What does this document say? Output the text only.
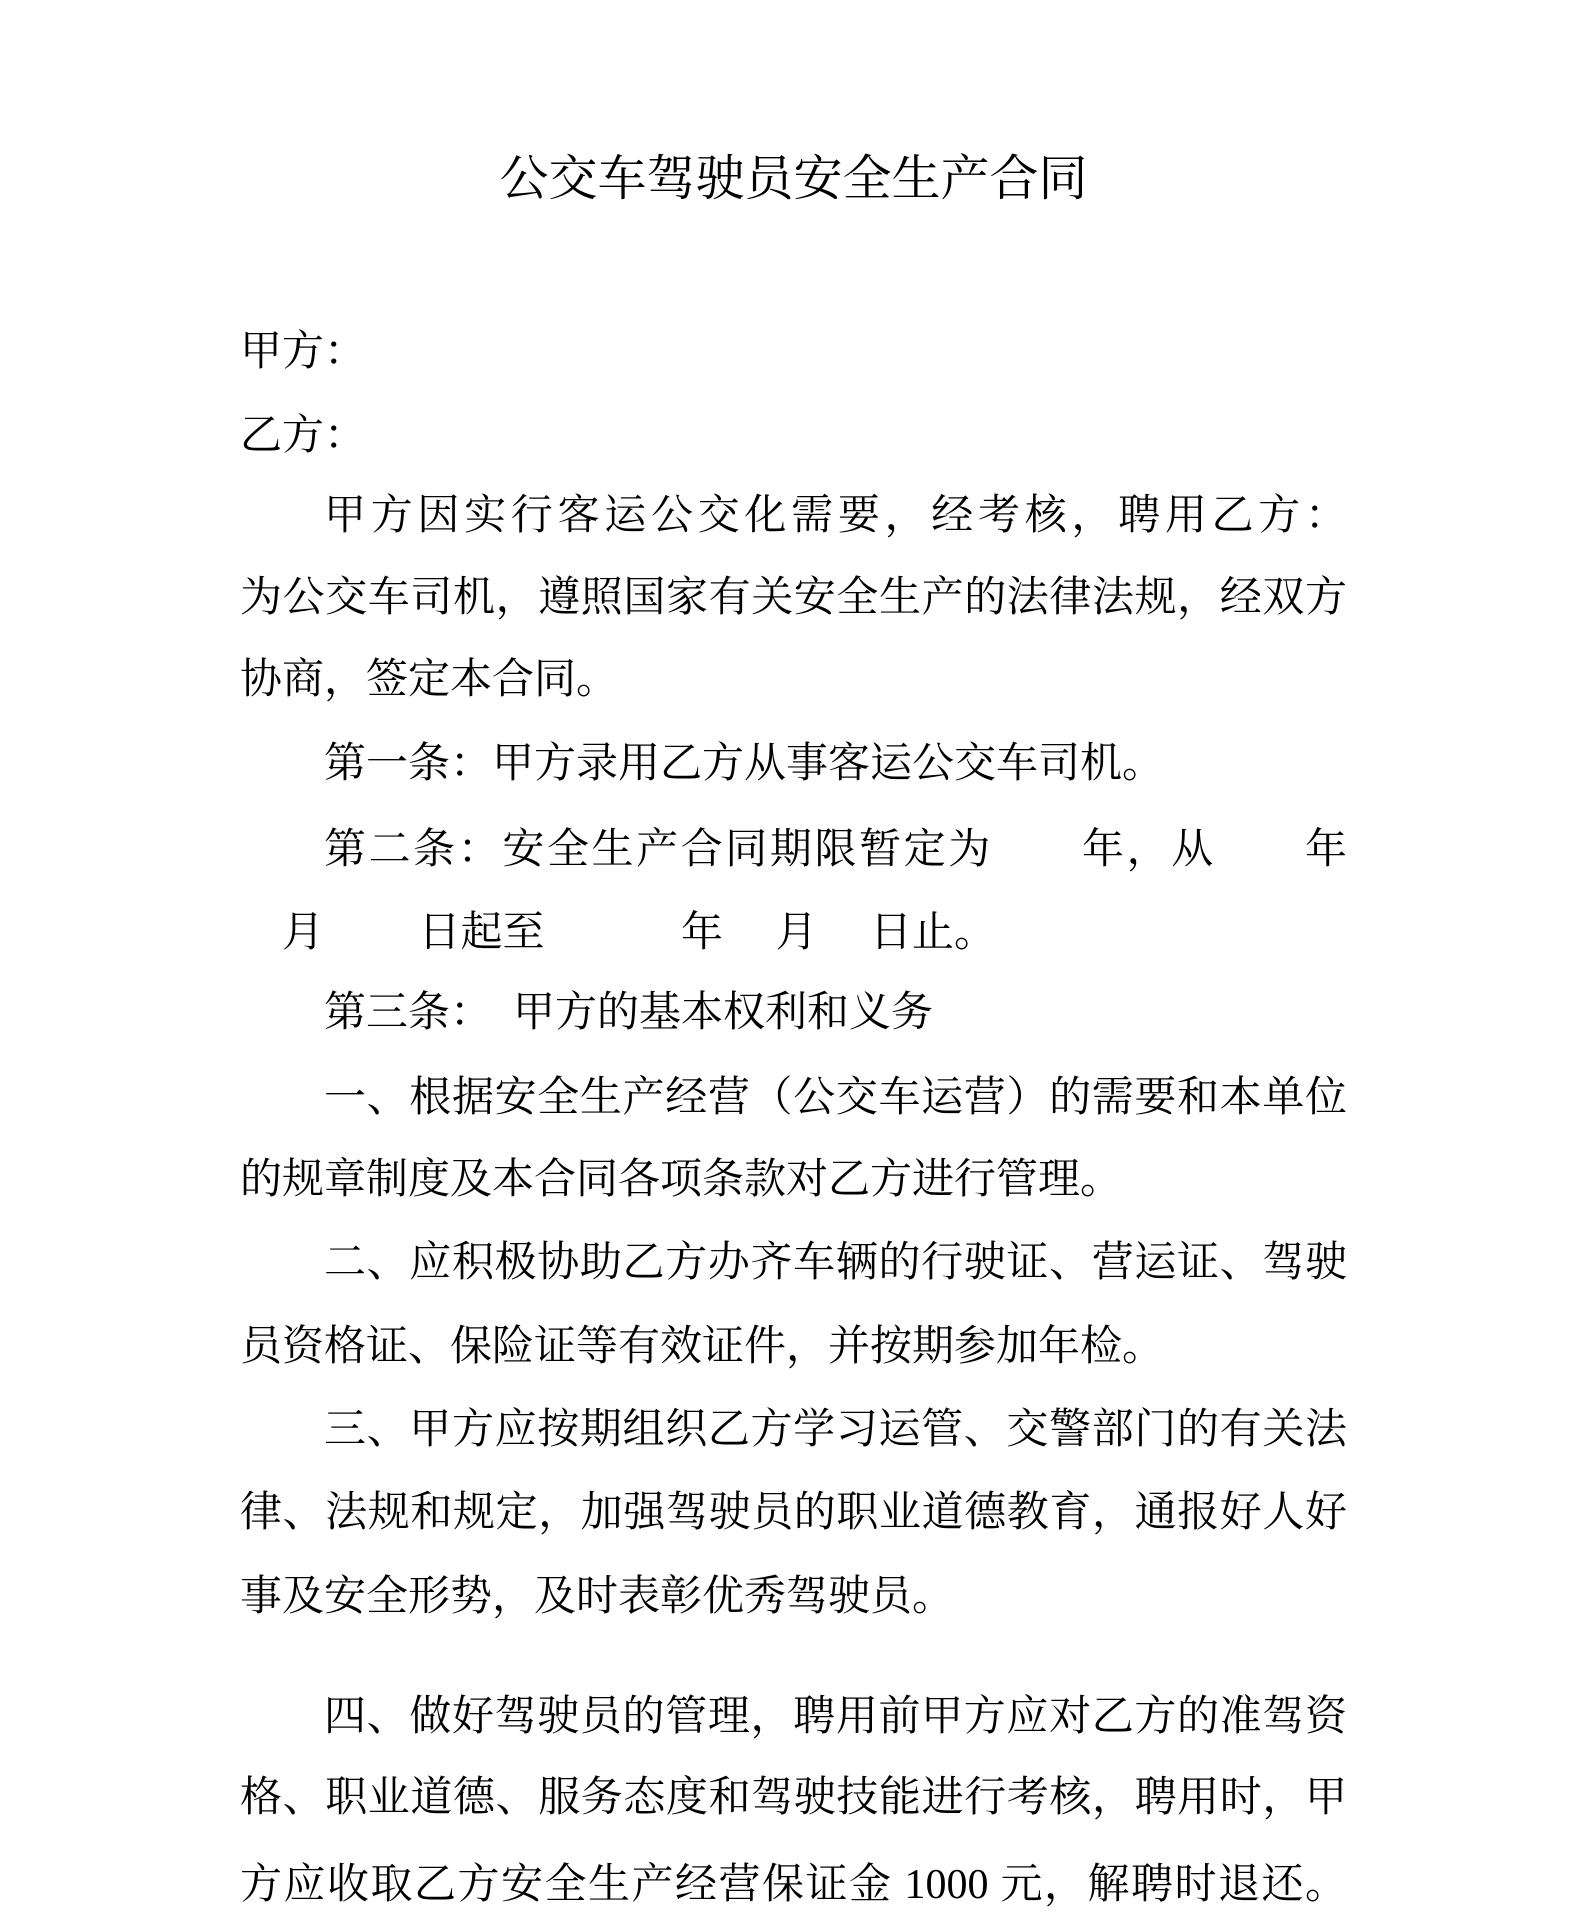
公交车驾驶员安全生产合同
甲方：
乙方：
甲方因实行客运公交化需要，经考核，聘用乙方：
为公交车司机，遵照国家有关安全生产的法律法规，经双方
协商，签定本合同。
第一条：甲方录用乙方从事客运公交车司机。
第二条：安全生产合同期限暂定为　　年，从　　年
月　　 日起至　　　 年　 月　 日止。
第三条：　甲方的基本权利和义务
一、根据安全生产经营（公交车运营）的需要和本单位
的规章制度及本合同各项条款对乙方进行管理。
二、应积极协助乙方办齐车辆的行驶证、营运证、驾驶
员资格证、保险证等有效证件，并按期参加年检。
三、甲方应按期组织乙方学习运管、交警部门的有关法
律、法规和规定，加强驾驶员的职业道德教育，通报好人好
事及安全形势，及时表彰优秀驾驶员。
四、做好驾驶员的管理，聘用前甲方应对乙方的准驾资
格、职业道德、服务态度和驾驶技能进行考核，聘用时，甲
方应收取乙方安全生产经营保证金 1000 元，解聘时退还。
